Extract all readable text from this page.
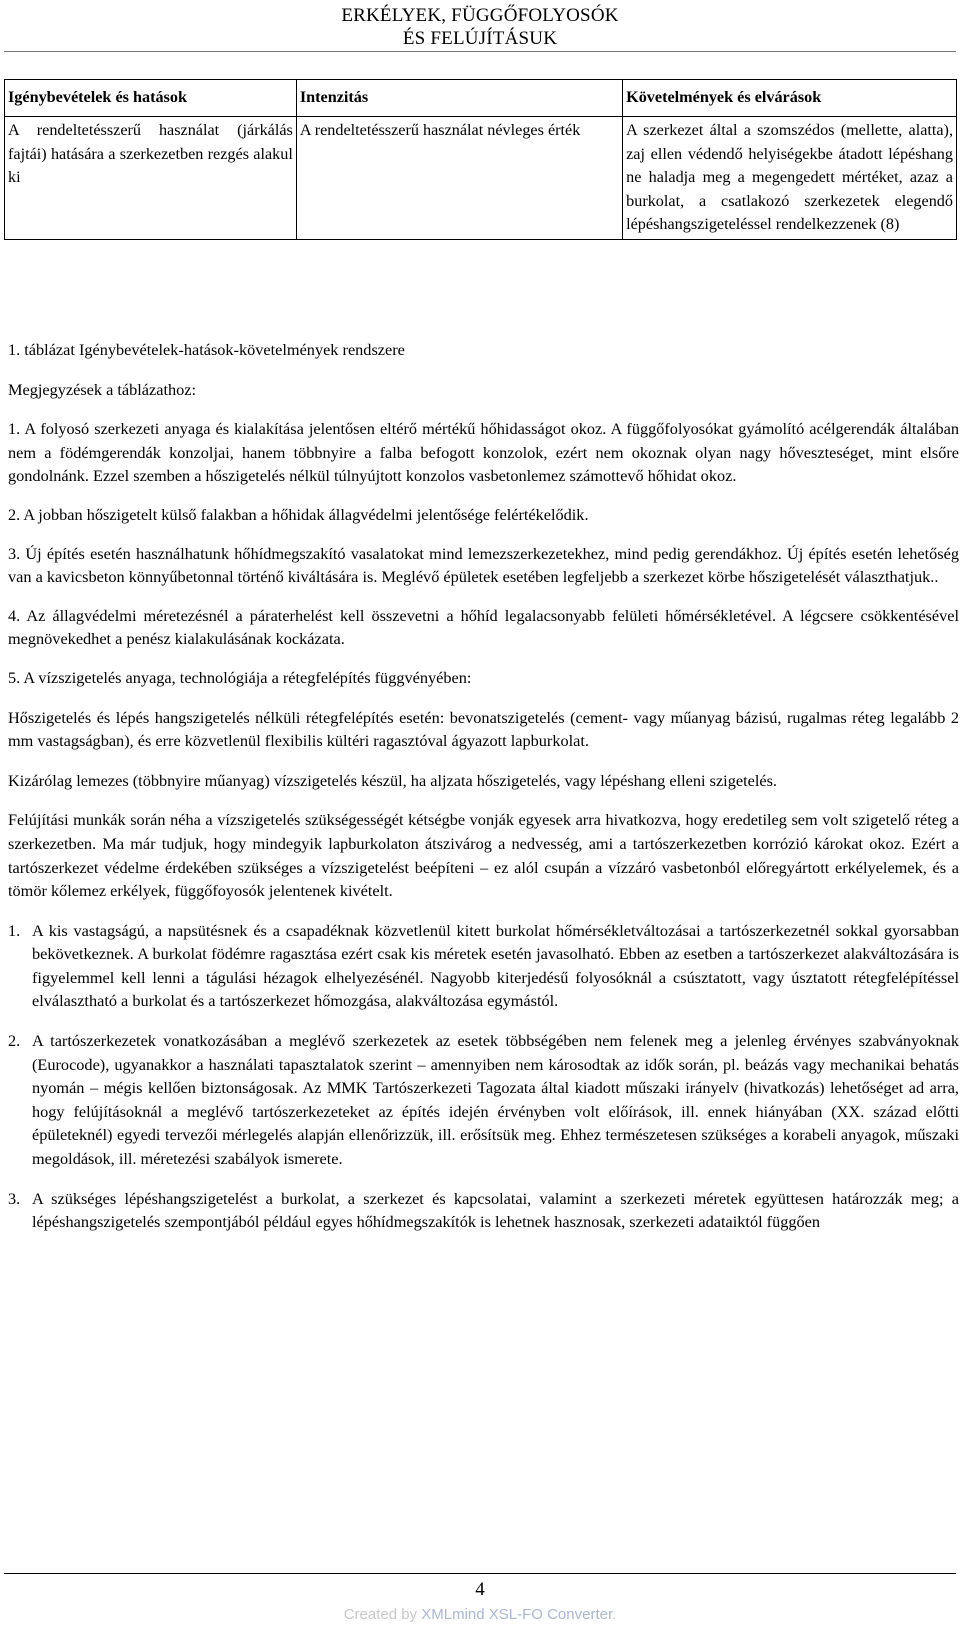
ERKÉLYEK, FÜGGŐFOLYOSÓK
ÉS FELÚJÍTÁSUK
Igénybevételek és hatások	Intenzitás	Követelmények és elvárások
A rendeltetésszerű használat (járkálás fajtái) hatására a szerkezetben rezgés alakul ki	A rendeltetésszerű használat névleges érték	A szerkezet által a szomszédos (mellette, alatta), zaj ellen védendő helyiségekbe átadott lépéshang ne haladja meg a megengedett mértéket, azaz a burkolat, a csatlakozó szerkezetek elegendő lépéshangszigeteléssel rendelkezzenek (8)

1. táblázat Igénybevételek-hatások-követelmények rendszere

Megjegyzések a táblázathoz:

1. A folyosó szerkezeti anyaga és kialakítása jelentősen eltérő mértékű hőhidasságot okoz. A függőfolyosókat gyámolító acélgerendák általában nem a födémgerendák konzoljai, hanem többnyire a falba befogott konzolok, ezért nem okoznak olyan nagy hőveszteséget, mint elsőre gondolnánk. Ezzel szemben a hőszigetelés nélkül túlnyújtott konzolos vasbetonlemez számottevő hőhidat okoz.

2. A jobban hőszigetelt külső falakban a hőhidak állagvédelmi jelentősége felértékelődik.

3. Új építés esetén használhatunk hőhídmegszakító vasalatokat mind lemezszerkezetekhez, mind pedig gerendákhoz. Új építés esetén lehetőség van a kavicsbeton könnyűbetonnal történő kiváltására is. Meglévő épületek esetében legfeljebb a szerkezet körbe hőszigetelését választhatjuk..

4. Az állagvédelmi méretezésnél a páraterhelést kell összevetni a hőhíd legalacsonyabb felületi hőmérsékletével. A légcsere csökkentésével megnövekedhet a penész kialakulásának kockázata.

5. A vízszigetelés anyaga, technológiája a rétegfelépítés függvényében:

Hőszigetelés és lépés hangszigetelés nélküli rétegfelépítés esetén: bevonatszigetelés (cement- vagy műanyag bázisú, rugalmas réteg legalább 2 mm vastagságban), és erre közvetlenül flexibilis kültéri ragasztóval ágyazott lapburkolat.

Kizárólag lemezes (többnyire műanyag) vízszigetelés készül, ha aljzata hőszigetelés, vagy lépéshang elleni szigetelés.

Felújítási munkák során néha a vízszigetelés szükségességét kétségbe vonják egyesek arra hivatkozva, hogy eredetileg sem volt szigetelő réteg a szerkezetben. Ma már tudjuk, hogy mindegyik lapburkolaton átszivárog a nedvesség, ami a tartószerkezetben korrózió károkat okoz. Ezért a tartószerkezet védelme érdekében szükséges a vízszigetelést beépíteni – ez alól csupán a vízzáró vasbetonból előregyártott erkélyelemek, és a tömör kőlemez erkélyek, függőfoyosók jelentenek kivételt.

1. A kis vastagságú, a napsütésnek és a csapadéknak közvetlenül kitett burkolat hőmérsékletváltozásai a tartószerkezetnél sokkal gyorsabban bekövetkeznek. A burkolat födémre ragasztása ezért csak kis méretek esetén javasolható. Ebben az esetben a tartószerkezet alakváltozására is figyelemmel kell lenni a tágulási hézagok elhelyezésénél. Nagyobb kiterjedésű folyosóknál a csúsztatott, vagy úsztatott rétegfelépítéssel elválasztható a burkolat és a tartószerkezet hőmozgása, alakváltozása egymástól.
2. A tartószerkezetek vonatkozásában a meglévő szerkezetek az esetek többségében nem felenek meg a jelenleg érvényes szabványoknak (Eurocode), ugyanakkor a használati tapasztalatok szerint – amennyiben nem károsodtak az idők során, pl. beázás vagy mechanikai behatás nyomán – mégis kellően biztonságosak. Az MMK Tartószerkezeti Tagozata által kiadott műszaki irányelv (hivatkozás) lehetőséget ad arra, hogy felújításoknál a meglévő tartószerkezeteket az építés idején érvényben volt előírások, ill. ennek hiányában (XX. század előtti épületeknél) egyedi tervezői mérlegelés alapján ellenőrizzük, ill. erősítsük meg. Ehhez természetesen szükséges a korabeli anyagok, műszaki megoldások, ill. méretezési szabályok ismerete.
3. A szükséges lépéshangszigetelést a burkolat, a szerkezet és kapcsolatai, valamint a szerkezeti méretek együttesen határozzák meg; a lépéshangszigetelés szempontjából például egyes hőhídmegszakítók is lehetnek hasznosak, szerkezeti adataiktól függően
4
Created by XMLmind XSL-FO Converter.
